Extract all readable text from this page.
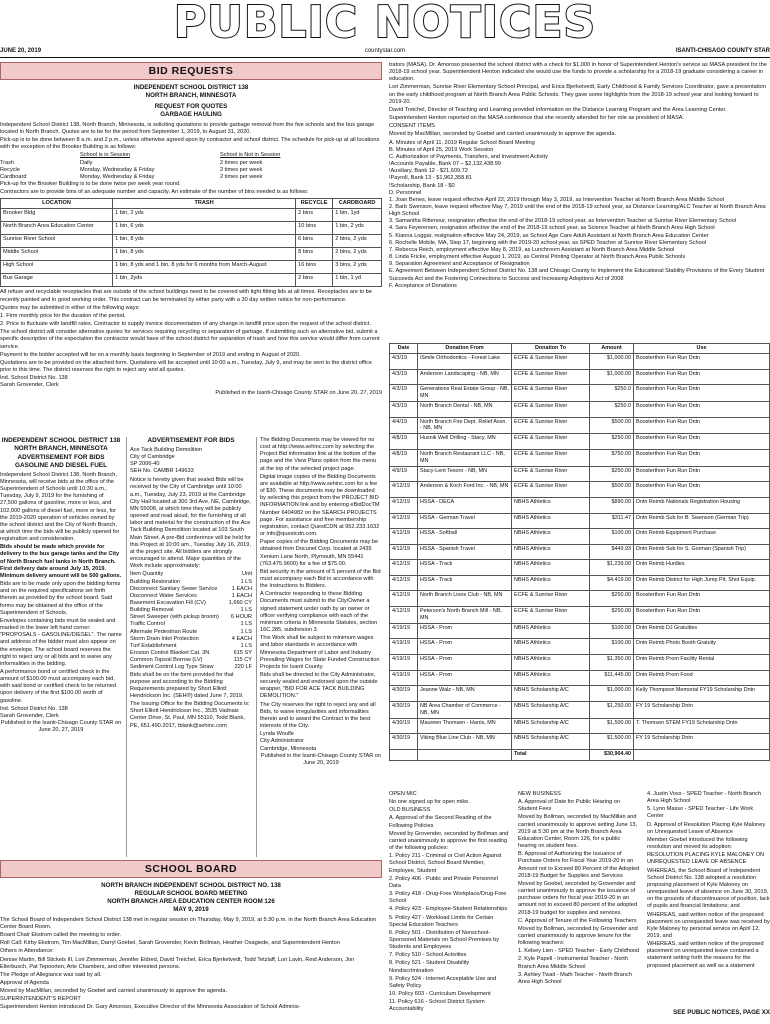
PUBLIC NOTICES
JUNE 20, 2019	countystar.com	ISANTI-CHISAGO COUNTY STAR
BID REQUESTS
INDEPENDENT SCHOOL DISTRICT 138
NORTH BRANCH, MINNESOTA
REQUEST FOR QUOTES
GARBAGE HAULING

Independent School District 138, North Branch, Minnesota, is soliciting quotations to provide garbage removal from the five schools and the bus garage located in North Branch. Quotes are to be for the period from September 1, 2019, to August 31, 2020.

Pick-up is to be done between 8 a.m. and 2 p.m., unless otherwise agreed upon by contractor and school district. The schedule for pick-up at all locations with the exception of the Brooker Building is as follows:

School is in Session	School is Not in Session
Trash	Daily	2 times per week
Recycle	Monday, Wednesday & Friday	2 times per week
Cardboard	Monday, Wednesday & Friday	2 times per week

Pick-up for the Brooker Building is to be done twice per week year round.

Contractors are to provide bins of an adequate number and capacity. An estimate of the number of bins needed is as follows:

LOCATION	TRASH	RECYCLE	CARDBOARD
Brooker Bldg	1 bin, 2 yds	2 bins	1 bin, 1yd
North Branch Area Education Center	1 bin, 6 yds	10 bins	1 bin, 2 yds
Sunrise River School	1 bin, 8 yds	6 bins	2 bins, 2 yds
Middle School	1 bin, 8 yds	8 bins	2 bins, 2 yds
High School	1 bin, 8 yds and 1 bin, 8 yds for 6 months from March-August	16 bins	3 bins, 2 yds
Bus Garage	1 bin, 2yds	2 bins	1 bin, 1 yd

All refuse and recyclable receptacles that are outside of the school buildings need to be covered with tight fitting lids at all times. Receptacles are to be recently painted and in good working order. This contract can be terminated by either party with a 30 day written notice for non-performance.

Quotes may be submitted in either of the following ways:

1. Firm monthly price for the duration of the period.

2. Price to fluctuate with landfill rates. Contractor to supply invoice documentation of any change in landfill price upon the request of the school district.

The school district will consider alternative quotes for services requiring recycling or separation of garbage. If submitting such an alternative bid, submit a specific description of the expectation the contractor would have of the school district for separation of trash and how this service would differ from current service.

Payment to the bidder accepted will be on a monthly basis beginning in September of 2019 and ending in August of 2020.

Quotations are to be provided on the attached form. Quotations will be accepted until 10:00 a.m., Tuesday, July 9, and may be sent to the district office prior to this time. The district reserves the right to reject any and all quotes.

Ind. School District No. 138
Sarah Grovender, Clerk
Published in the Isanti-Chisago County STAR on June 20, 27, 2019
INDEPENDENT SCHOOL DISTRICT 138 NORTH BRANCH, MINNESOTA
ADVERTISEMENT FOR BIDS GASOLINE AND DIESEL FUEL

Independent School District 138, North Branch, Minnesota, will receive bids at the office of the Superintendent of Schools until 10:30 a.m., Tuesday, July 9, 2019 for the furnishing of 27,500 gallons of gasoline, more or less, and 102,000 gallons of diesel fuel, more or less, for the 2019-2020 operation of vehicles owned by the school district and the City of North Branch, at which time the bids will be publicly opened for registration and consideration.

Bids should be made which provide for delivery to the bus garage tanks and the City of North Branch fuel tanks in North Branch. First delivery date around July 15, 2019. Minimum delivery amount will be 500 gallons.

Bids are to be made only upon the bidding forms and on the required specifications set forth therein as provided by the school board. Said forms may be obtained at the office of the Superintendent of Schools.

Envelopes containing bids must be sealed and marked in the lower left hand corner: "PROPOSALS - GASOLINE/DIESEL". The name and address of the bidder must also appear on the envelope. The school board reserves the right to reject any or all bids and to waive any informalities in the bidding.

A performance bond or certified check in the amount of $100.00 must accompany each bid, with said bond or certified check to be returned upon delivery of the first $100.00 worth of gasoline.

Ind. School District No. 138
Sarah Grovender, Clerk
Published in the Isanti-Chisago County STAR on June 20, 27, 2019
ADVERTISEMENT FOR BIDS
Ace Tack Building Demolition
City of Cambridge
SP 2006-40
SEH No. CAMBR 149633

Notice is hereby given that sealed Bids will be received by the City of Cambridge until 10:00 a.m., Tuesday, July 23, 2019 at the Cambridge City Hall located at 300 3rd Ave. NE, Cambridge, MN 55008, at which time they will be publicly opened and read aloud, for the furnishing of all labor and material for the construction of the Ace Tack Building Demolition located at 103 South Main Street. A pre-Bid conference will be held for this Project at 10:00 am., Tuesday July 16, 2019, at the project site. All bidders are strongly encouraged to attend. Major quantities of the Work include approximately:

Item Quantity	Unit
Building Restoration	1 LS
Disconnect Sanitary Sewer Service	1 EACH
Disconnect Water Services	1 EACH
Basement Excavation Fill (CV)	1,660 CY
Building Removal	1 LS
Street Sweeper (with pickup broom)	6 HOUR
Traffic Control	1 LS
Alternate Pedestrian Route	1 LS
Storm Drain Inlet Protection	4 EACH
Turf Establishment	1 LS
Erosion Control Blanket Cat. 3N	615 SY
Common Topsoil Borrow (LV)	115 CY
Sediment Control Log Type Straw	220 LF

Bids shall be on the form provided for that purpose and according to the Bidding Requirements prepared by Short Elliott Hendrickson Inc. (SEH®) dated June 7, 2019.

The Issuing Office for the Bidding Documents is: Short Elliott Hendrickson Inc., 3535 Vadnais Center Drive, St. Paul, MN 55110, Todd Blank, PE, 651.490.2017, tblank@sehinc.com

The Bidding Documents may be viewed for no cost at http://www.sehinc.com by selecting the Project Bid information link at the bottom of the page and the View Plans option from the menu at the top of the selected project page.

Digital image copies of the Bidding Documents are available at http://www.sehinc.com for a fee of $30. These documents may be downloaded by selecting this project from the PROJECT BID INFORMATION link and by entering eBidDocTM Number 6404982 on the SEARCH PROJECTS page. For assistance and free membership registration, contact QuestCDN at 952.233.1632 or info@questcdn.com.

Paper copies of the Bidding Documents may be obtained from Docunet Corp. located at 2435 Xenium Lane North, Plymouth, MN 55441 (763.475.9600) for a fee of $75.00.

Bid security in the amount of 5 percent of the Bid must accompany each Bid in accordance with the Instructions to Bidders.

A Contractor responding to these Bidding Documents must submit to the City/Owner a signed statement under oath by an owner or officer verifying compliance with each of the minimum criteria in Minnesota Statutes, section 16C.285, subdivision 3.

This Work shall be subject to minimum wages and labor standards in accordance with Minnesota Department of Labor and Industry Prevailing Wages for State Funded Construction Projects for Isanti County.

Bids shall be directed to the City Administrator, securely sealed and endorsed upon the outside wrapper, "BID FOR ACE TACK BUILDING DEMOLITION."

The City reserves the right to reject any and all Bids, to waive irregularities and informalities therein and to award the Contract in the best interests of the City.

Lynda Woulfe
City Administrator
Cambridge, Minnesota
Published in the Isanti-Chisago County STAR on June 20, 2019
SCHOOL BOARD
NORTH BRANCH INDEPENDENT SCHOOL DISTRICT NO. 138
REGULAR SCHOOL BOARD MEETING
NORTH BRANCH AREA EDUCATION CENTER ROOM 126
MAY 9, 2019

The School Board of Independent School District 138 met in regular session on Thursday, May 9, 2019, at 5:30 p.m. in the North Branch Area Education Center Board Room.

Board Chair Ekstrom called the meeting to order.

Roll Call: Kirby Ekstrom, Tim MacMillan, Darryl Goebel, Sarah Grovender, Kevin Bollman, Heather Osagiede, and Superintendent Henton

Others in Attendance:

Denise Martin, Bill Stickels III, Lori Zimmerman, Jennifer Eldred, David Treichel, Erica Bjerketvedt, Todd Tetzlaff, Lori Lavin, Reid Anderson, Jon Ellerbusch, Pat Tepoorten, Arte Chambers, and other interested persons.

The Pledge of Allegiance was said by all.

Approval of Agenda

Moved by MacMillan, seconded by Goebel and carried unanimously to approve the agenda.

SUPERINTENDENT'S REPORT

Superintendent Henton introduced Dr. Gary Amoroso, Executive Director of the Minnesota Association of School Adminis-

trators (MASA). Dr. Amoroso presented the school district with a check for $1,000 in honor of Superintendent Henton's service as MASA president for the 2018-19 school year. Superintendent Henton indicated she would use the funds to provide a scholarship for a 2018-19 graduate considering a career in education.

Lori Zimmerman, Sunrise River Elementary School Principal, and Erica Bjerketvedt, Early Childhood & Family Services Coordinator, gave a presentation on the early childhood program at North Branch Area Public Schools. They gave some highlights from the 2018-19 school year and looking forward to 2019-20.

David Treichel, Director of Teaching and Learning provided information on the Distance Learning Program and the Area Learning Center.

Superintendent Henton reported on the MASA conference that she recently attended for her role as president of MASA.

CONSENT ITEMS

Moved by MacMillan, seconded by Goebel and carried unanimously to approve the agenda.

A. Minutes of April 11, 2019 Regular School Board Meeting
B. Minutes of April 25, 2019 Work Session
C. Authorization of Payments, Transfers, and Investment Activity
!Accounts Payable, Bank 07 – $2,132,438.99
!Auxiliary, Bank 12 - $21,609.72
!Payroll, Bank 13 - $1,962,358.81
!Scholarship, Bank 18 - $0
D. Personnel
1. Joan Benes, leave request effective April 22, 2019 through May 3, 2019, as Intervention Teacher at North Branch Area Middle School
2. Barb Swenson, leave request effective May 7, 2019 until the end of the 2018-19 school year, as Distance Learning/ALC Teacher at North Branch Area High School
3. Samantha Rittenour, resignation effective the end of the 2018-19 school year, as Intervention Teacher at Sunrise River Elementary School
4. Sara Feyerersen, resignation effective the end of the 2018-19 school year, as Science Teacher at North Branch Area High School
5. Kianna Loggar, resignation effective May 24, 2019, as School Age Care Adult Assistant at North Branch Area Education Center
6. Rochelle Mobile, MA, Step 17, beginning with the 2019-20 school year, as SPED Teacher at Sunrise River Elementary School
7. Rebecca Reich, employment effective May 8, 2019, as Lunchroom Assistant at North Branch Area Middle School
8. Linda Fricke, employment effective August 1, 2019, as Central Printing Operator at North Branch Area Public Schools
9. Separation Agreement and Acceptance of Resignation
E. Agreement Between Independent School District No. 138 and Chisago County to Implement the Educational Stability Provisions of the Every Student Succeeds Act and the Fostering Connections to Success and Increasing Adoptions Act of 2008
F. Acceptance of Donations
Date	Donation From	Donation To	Amount	Use
4/3/19	iSmile Orthodontics - Forest Lake	ECFE & Sunrise River	$1,000.00	Boosterthon Fun Run Dntn
4/3/19	Anderson Landscaping - NB, MN	ECFE & Sunrise River	$1,000.00	Boosterthon Fun Run Dntn
4/3/19	Generations Real Estate Group - NB, MN	ECFE & Sunrise River	$250.0	Boosterthon Fun Run Dntn
4/3/19	North Branch Dental - NB, MN	ECFE & Sunrise River	$250.0	Boosterthon Fun Run Dntn
4/4/19	North Branch Fire Dept. Relief Assn. - NB, MN	ECFE & Sunrise River	$500.00	Boosterthon Fun Run Dntn
4/8/19	Husnik Well Drilling - Stacy, MN	ECFE & Sunrise River	$250.00	Boosterthon Fun Run Dntn
4/8/19	North Branch Restaurant LLC - NB, MN	ECFE & Sunrise River	$750.00	Boosterthon Fun Run Dntn
4/9/19	Stacy-Lent Tesoro - NB, MN	ECFE & Sunrise River	$250.00	Boosterthon Fun Run Dntn
4/12/19	Anderson & Koch Ford Inc. - NB, MN	ECFE & Sunrise River	$500.00	Boosterthon Fun Run Dntn
4/12/19	HSSA - DECA	NBHS Athletics	$890.00	Dntn Reimb Nationals Registration Housing
4/12/19	HSSA - German Travel	NBHS Athletics	$311.47	Dntn Reimb Sub for B. Swenson (German Trip)
4/12/19	HSSA - Softball	NBHS Athletics	$100.00	Dntn Reimb Equipment Purchase
4/12/19	HSSA - Spanish Travel	NBHS Athletics	$449.93	Dntn Reimb Sub for S. Gorman (Spanish Trip)
4/12/19	HSSA - Track	NBHS Athletics	$1,239.00	Dntn Reimb Hurdles
4/12/19	HSSA - Track	NBHS Athletics	$4,419.00	Dntn Reimb District for High Jump Pit, Shot Equip.
4/12/19	North Branch Lions Club - NB, MN	ECFE & Sunrise River	$250.00	Boosterthon Fun Run Dntn
4/12/19	Peterson's North Branch Mill - NB, MN	ECFE & Sunrise River	$250.00	Boosterthon Fun Run Dntn
4/19/19	HSSA - Prom	NBHS Athletics	$100.00	Dntn Reimb DJ Gratuities
4/19/19	HSSA - Prom	NBHS Athletics	$100.00	Dntn Reimb Photo Booth Gratuity
4/19/19	HSSA - Prom	NBHS Athletics	$1,350.00	Dntn Reimb Prom Facility Rental
4/19/19	HSSA - Prom	NBHS Athletics	$11,445.00	Dntn Reimb Prom Food
4/30/19	Jeanne Walz - NB, MN	NBHS Scholarship A/C	$1,000.00	Kelly Thompson Memorial FY19 Scholarship Dntn
4/30/19	NB Area Chamber of Commerce - NB, MN	NBHS Scholarship A/C	$1,250.00	FY 19 Scholarship Dntn
4/30/19	Maureen Thomsen - Harris, MN	NBHS Scholarship A/C	$1,500.00	T. Thomsen STEM FY19 Scholarship Dntn
4/30/19	Viking Blue Line Club - NB, MN	NBHS Scholarship A/C	$1,500.00	FY 19 Scholarship Dntn
		Total	$30,904.40	

OPEN MIC

No one signed up for open mike.

OLD BUSINESS

A. Approval of the Second Reading of the Following Policies

Moved by Grovender, seconded by Bollman and carried unanimously to approve the first reading of the following policies:

1. Policy 211 - Criminal or Civil Action Against School District, School Board Member, Employee, Student

2. Policy 406 - Public and Private Personnel Data

3. Policy 418 - Drug-Free Workplace/Drug-Free School

4. Policy 423 - Employee-Student Relationships

5. Policy 427 - Workload Limits for Certain Special Education Teachers

6. Policy 501 - Distribution of Nonschool-Sponsored Materials on School Premises by Students and Employees

7. Policy 510 - School Activities

8. Policy 521 - Student Disability Nondiscrimination

9. Policy 524 - Internet Acceptable Use and Safety Policy

10. Policy 603 - Curriculum Development

11. Policy 616 - School District System Accountability

NEW BUSINESS

A. Approval of Date for Public Hearing on Student Fees

Moved by Bollman, seconded by MacMillan and carried unanimously to approve setting June 13, 2019 at 5:30 pm at the North Branch Area Education Center, Room 126, for a public hearing on student fees.

B. Approval of Authorizing the Issuance of Purchase Orders for Fiscal Year 2019-20 in an Amount not to Exceed 80 Percent of the Adopted 2018-19 Budget for Supplies and Services

Moved by Goebel, seconded by Grovender and carried unanimously to approve the issuance of purchase orders for fiscal year 2019-20 in an amount not to exceed 80 percent of the adopted 2018-19 budget for supplies and services.

C. Approval of Tenure of the Following Teachers

Moved by Bollman, seconded by Grovender and carried unanimously to approve tenure for the following teachers:

1. Kelsey Lien - SPED Teacher - Early Childhood

2. Kyle Papell - Instrumental Teacher - North Branch Area Middle School

3. Ashley Twait - Math Teacher - North Branch Area High School

4. Justin Voss - SPED Teacher - North Branch Area High School

5. Lynn Masso - SPED Teacher - Life Work Center

D. Approval of Resolution Placing Kyle Maloney on Unrequested Leave of Absence

Member Goebel introduced the following resolution and moved its adoption:

RESOLUTION PLACING KYLE MALONEY ON UNREQUESTED LEAVE OF ABSENCE

WHEREAS, the School Board of Independent School District No. 138 adopted a resolution proposing placement of Kyle Maloney on unrequested leave of absence on June 30, 2019, on the grounds of discontinuance of position, lack of pupils and financial limitations; and

WHEREAS, said written notice of the proposed placement on unrequested leave was received by Kyle Maloney by personal service on April 12, 2019, and

WHEREAS, said written notice of the proposed placement on unrequested leave contained a statement setting forth the reasons for the proposed placement as well as a statement

SEE PUBLIC NOTICES, PAGE XX
